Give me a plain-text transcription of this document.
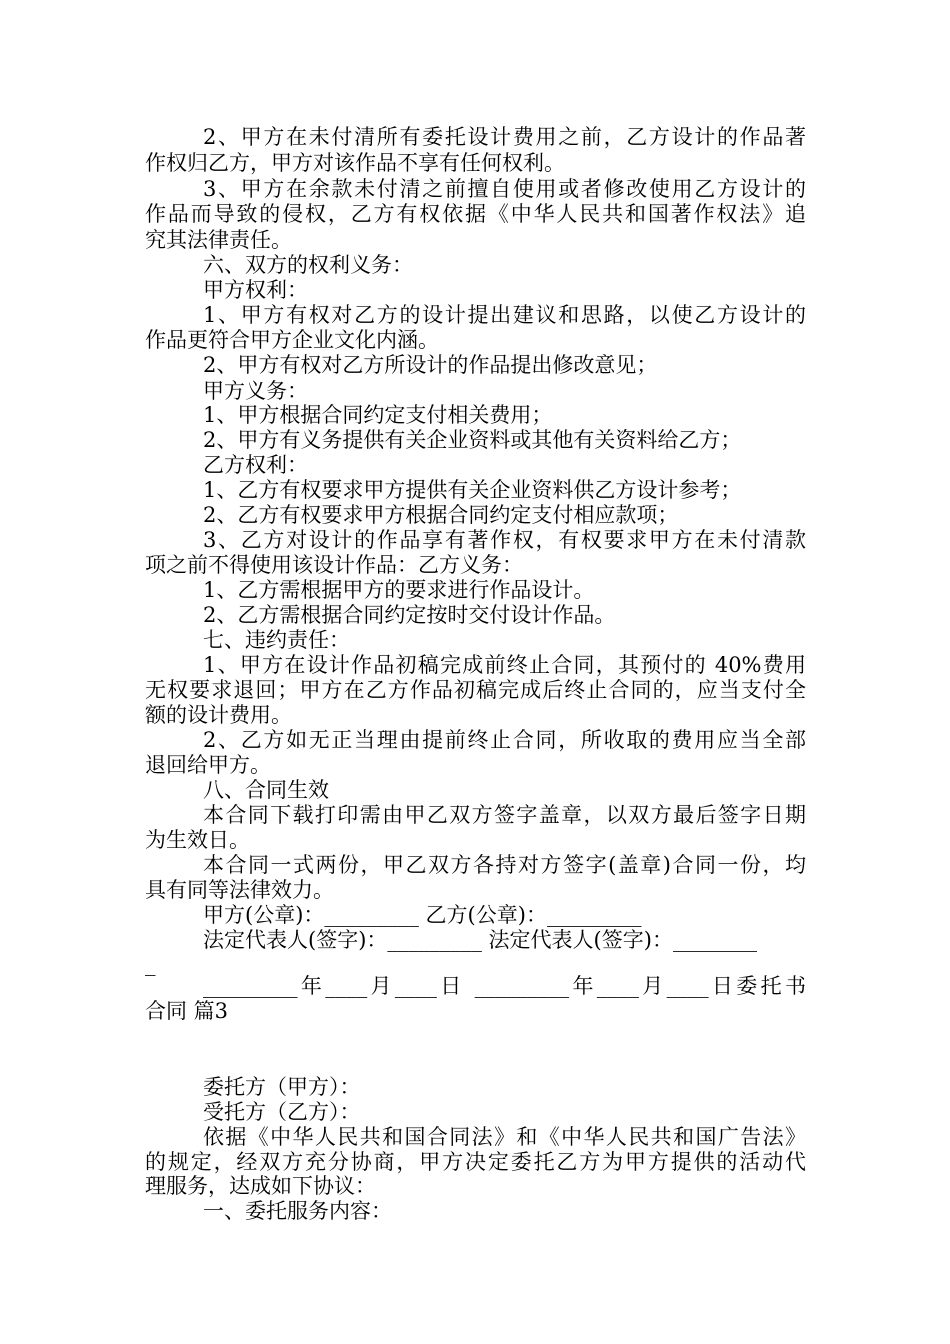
2、甲方在未付清所有委托设计费用之前，乙方设计的作品著

作权归乙方，甲方对该作品不享有任何权利。

3、甲方在余款未付清之前擅自使用或者修改使用乙方设计的

作品而导致的侵权，乙方有权依据《中华人民共和国著作权法》追

究其法律责任。

六、双方的权利义务：

甲方权利：

1、甲方有权对乙方的设计提出建议和思路，以使乙方设计的

作品更符合甲方企业文化内涵。

2、甲方有权对乙方所设计的作品提出修改意见；

甲方义务：

1、甲方根据合同约定支付相关费用；

2、甲方有义务提供有关企业资料或其他有关资料给乙方；

乙方权利：

1、乙方有权要求甲方提供有关企业资料供乙方设计参考；

2、乙方有权要求甲方根据合同约定支付相应款项；

3、乙方对设计的作品享有著作权，有权要求甲方在未付清款

项之前不得使用该设计作品：乙方义务：

1、乙方需根据甲方的要求进行作品设计。

2、乙方需根据合同约定按时交付设计作品。

七、违约责任：

1、甲方在设计作品初稿完成前终止合同，其预付的 40%费用

无权要求退回；甲方在乙方作品初稿完成后终止合同的，应当支付全

额的设计费用。

2、乙方如无正当理由提前终止合同，所收取的费用应当全部

退回给甲方。

八、合同生效

本合同下载打印需由甲乙双方签字盖章，以双方最后签字日期

为生效日。

本合同一式两份，甲乙双方各持对方签字(盖章)合同一份，均

具有同等法律效力。

甲方(公章)：_________ 乙方(公章)：_________

法定代表人(签字)：_________ 法定代表人(签字)：________

_

_________年____月____日 _________年____月____日委托书

合同 篇3

委托方（甲方）：

受托方（乙方）：

依据《中华人民共和国合同法》和《中华人民共和国广告法》

的规定，经双方充分协商，甲方决定委托乙方为甲方提供的活动代

理服务，达成如下协议：

一、委托服务内容：
